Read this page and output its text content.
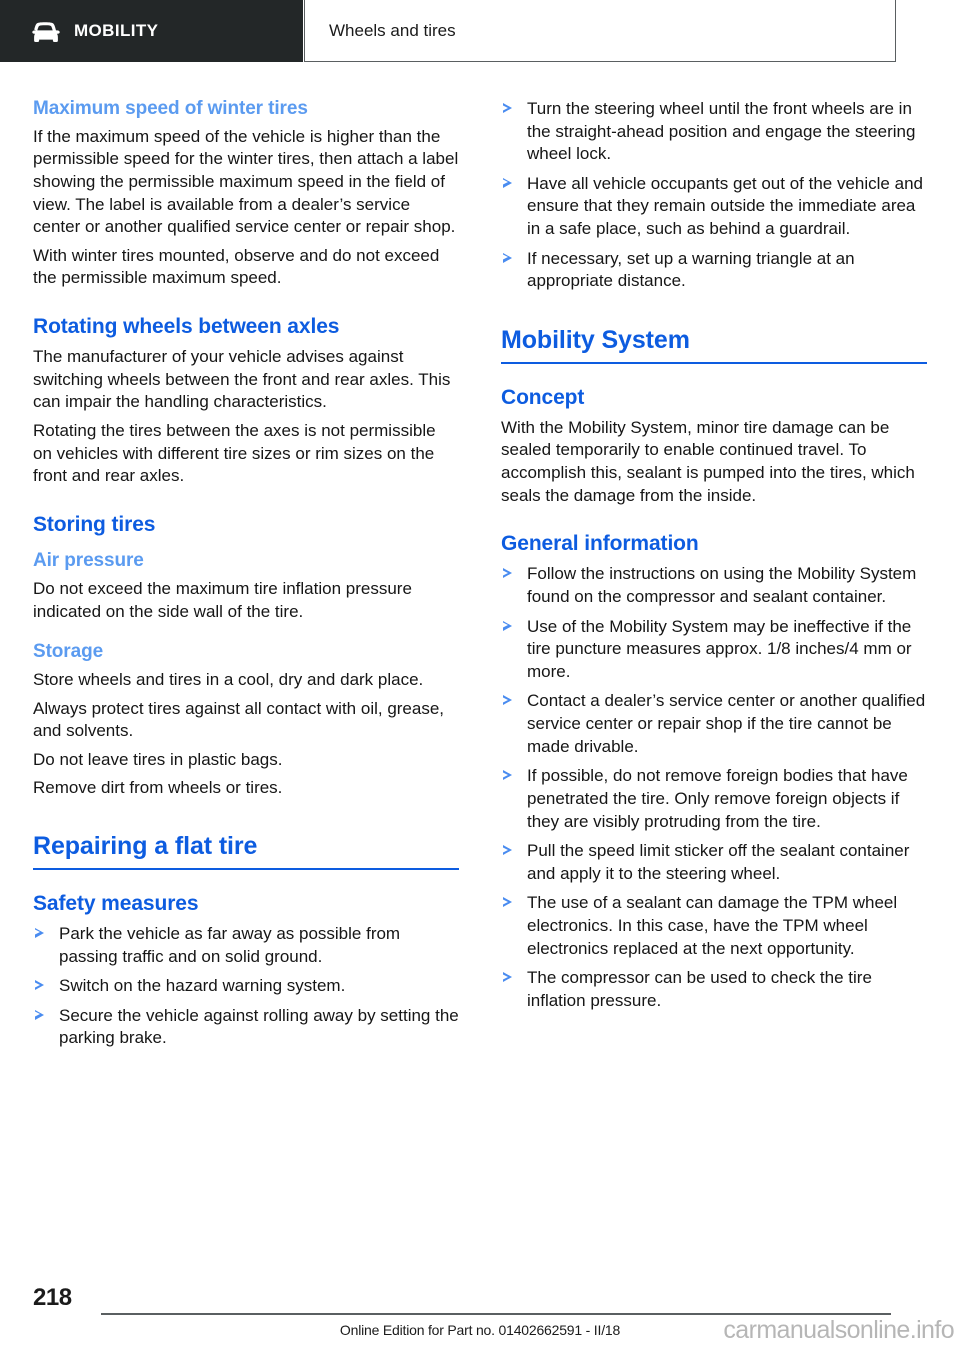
MOBILITY	Wheels and tires
Maximum speed of winter tires

If the maximum speed of the vehicle is higher than the permissible speed for the winter tires, then attach a label showing the permissible maximum speed in the field of view. The label is available from a dealer’s service center or another qualified service center or repair shop.

With winter tires mounted, observe and do not exceed the permissible maximum speed.

Rotating wheels between axles

The manufacturer of your vehicle advises against switching wheels between the front and rear axles. This can impair the handling characteristics.

Rotating the tires between the axes is not permissible on vehicles with different tire sizes or rim sizes on the front and rear axles.

Storing tires
Air pressure

Do not exceed the maximum tire inflation pressure indicated on the side wall of the tire.

Storage

Store wheels and tires in a cool, dry and dark place.

Always protect tires against all contact with oil, grease, and solvents.

Do not leave tires in plastic bags.

Remove dirt from wheels or tires.

Repairing a flat tire
Safety measures
Park the vehicle as far away as possible from passing traffic and on solid ground.
Switch on the hazard warning system.
Secure the vehicle against rolling away by setting the parking brake.
Turn the steering wheel until the front wheels are in the straight-ahead position and engage the steering wheel lock.
Have all vehicle occupants get out of the vehicle and ensure that they remain outside the immediate area in a safe place, such as behind a guardrail.
If necessary, set up a warning triangle at an appropriate distance.
Mobility System
Concept

With the Mobility System, minor tire damage can be sealed temporarily to enable continued travel. To accomplish this, sealant is pumped into the tires, which seals the damage from the inside.

General information
Follow the instructions on using the Mobility System found on the compressor and sealant container.
Use of the Mobility System may be ineffective if the tire puncture measures approx. 1/8 inches/4 mm or more.
Contact a dealer’s service center or another qualified service center or repair shop if the tire cannot be made drivable.
If possible, do not remove foreign bodies that have penetrated the tire. Only remove foreign objects if they are visibly protruding from the tire.
Pull the speed limit sticker off the sealant container and apply it to the steering wheel.
The use of a sealant can damage the TPM wheel electronics. In this case, have the TPM wheel electronics replaced at the next opportunity.
The compressor can be used to check the tire inflation pressure.
218
Online Edition for Part no. 01402662591 - II/18	carmanualsonline.info
